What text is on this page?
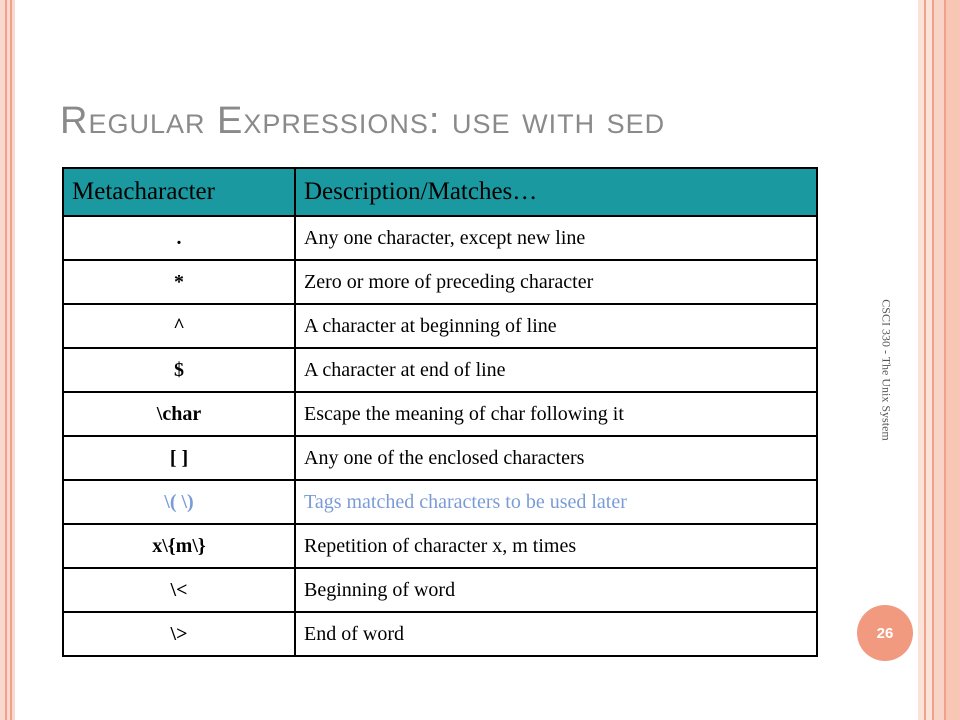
Regular Expressions: use with sed
Metacharacter	Description/Matches…
.	Any one character, except new line
*	Zero or more of preceding character
^	A character at beginning of line
$	A character at end of line
\char	Escape the meaning of char following it
[ ]	Any one of the enclosed characters
\( \)	Tags matched characters to be used later
x\{m\}	Repetition of character x, m times
\<	Beginning of word
\>	End of word
CSCI 330 - The Unix System
26
